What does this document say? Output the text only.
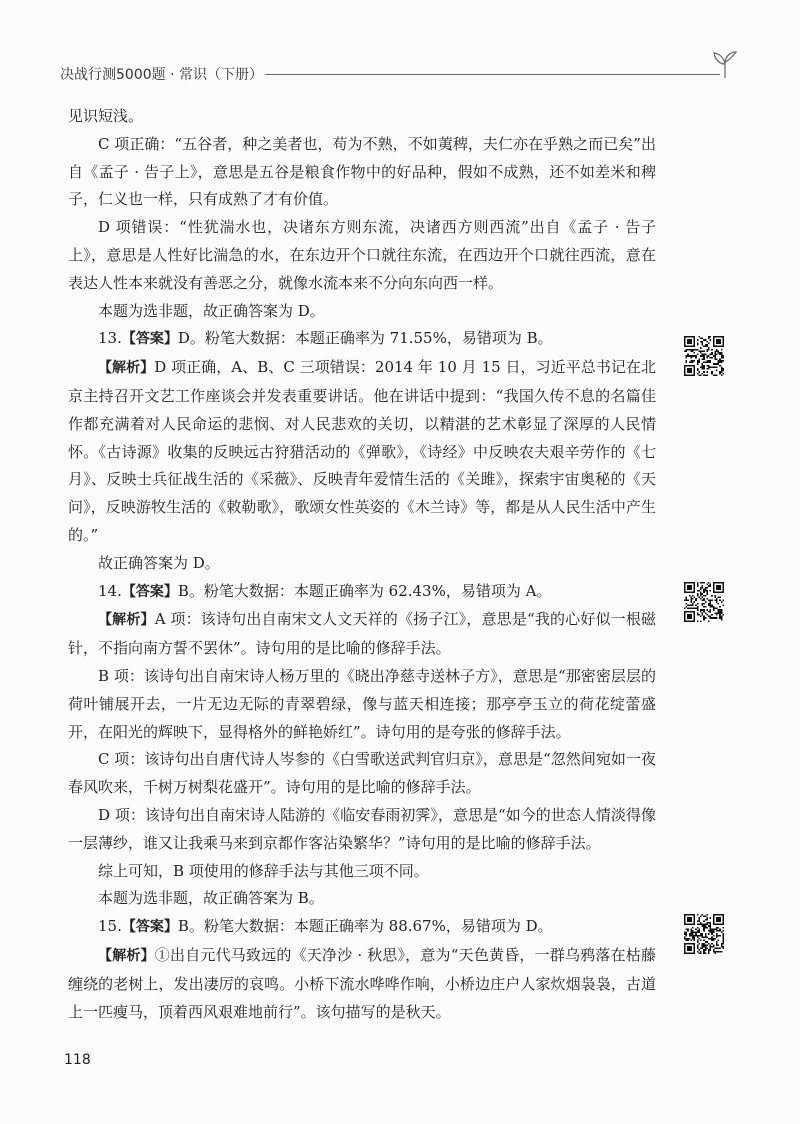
决战行测5000题 · 常识（下册）

见识短浅。

C 项正确：“五谷者，种之美者也，苟为不熟，不如荑稗，夫仁亦在乎熟之而已矣”出自《孟子 · 告子上》，意思是五谷是粮食作物中的好品种，假如不成熟，还不如差米和稗子，仁义也一样，只有成熟了才有价值。

D 项错误：“性犹湍水也，决诸东方则东流，决诸西方则西流”出自《孟子 · 告子上》，意思是人性好比湍急的水，在东边开个口就往东流，在西边开个口就往西流，意在表达人性本来就没有善恶之分，就像水流本来不分向东向西一样。

本题为选非题，故正确答案为 D。

13.【答案】D。粉笔大数据：本题正确率为 71.55%，易错项为 B。

【解析】D 项正确，A、B、C 三项错误：2014 年 10 月 15 日，习近平总书记在北京主持召开文艺工作座谈会并发表重要讲话。他在讲话中提到：“我国久传不息的名篇佳作都充满着对人民命运的悲悯、对人民悲欢的关切，以精湛的艺术彰显了深厚的人民情怀。《古诗源》收集的反映远古狩猎活动的《弹歌》，《诗经》中反映农夫艰辛劳作的《七月》、反映士兵征战生活的《采薇》、反映青年爱情生活的《关雎》，探索宇宙奥秘的《天问》，反映游牧生活的《敕勒歌》，歌颂女性英姿的《木兰诗》等，都是从人民生活中产生的。”

故正确答案为 D。

14.【答案】B。粉笔大数据：本题正确率为 62.43%，易错项为 A。

【解析】A 项：该诗句出自南宋文人文天祥的《扬子江》，意思是“我的心好似一根磁针，不指向南方誓不罢休”。诗句用的是比喻的修辞手法。

B 项：该诗句出自南宋诗人杨万里的《晓出净慈寺送林子方》，意思是“那密密层层的荷叶铺展开去，一片无边无际的青翠碧绿，像与蓝天相连接；那亭亭玉立的荷花绽蕾盛开，在阳光的辉映下，显得格外的鲜艳娇红”。诗句用的是夸张的修辞手法。

C 项：该诗句出自唐代诗人岑参的《白雪歌送武判官归京》，意思是“忽然间宛如一夜春风吹来，千树万树梨花盛开”。诗句用的是比喻的修辞手法。

D 项：该诗句出自南宋诗人陆游的《临安春雨初霁》，意思是“如今的世态人情淡得像一层薄纱，谁又让我乘马来到京都作客沾染繁华？”诗句用的是比喻的修辞手法。

综上可知，B 项使用的修辞手法与其他三项不同。

本题为选非题，故正确答案为 B。

15.【答案】B。粉笔大数据：本题正确率为 88.67%，易错项为 D。

【解析】①出自元代马致远的《天净沙 · 秋思》，意为“天色黄昏，一群乌鸦落在枯藤缠绕的老树上，发出凄厉的哀鸣。小桥下流水哗哗作响，小桥边庄户人家炊烟袅袅，古道上一匹瘦马，顶着西风艰难地前行”。该句描写的是秋天。

118
